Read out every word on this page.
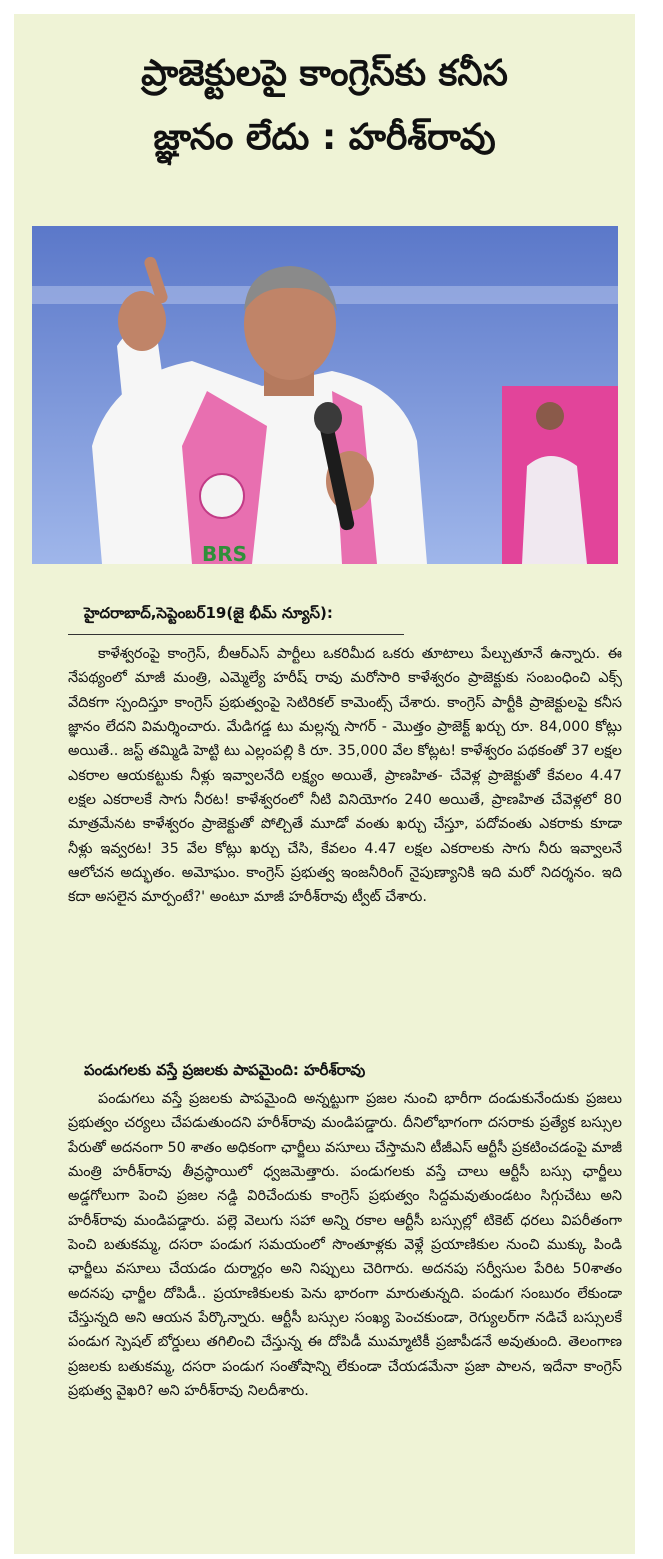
ప్రాజెక్టులపై కాంగ్రెస్‌కు కనీస
జ్ఞానం లేదు : హరీశ్‌రావు
BRS
హైదరాబాద్,సెప్టెంబర్19(జై భీమ్ న్యూస్):

కాళేశ్వరంపై కాంగ్రెస్, బీఆర్ఎస్ పార్టీలు ఒకరిమీద ఒకరు తూటాలు పేల్చుతూనే ఉన్నారు. ఈ నేపథ్యంలో మాజీ మంత్రి, ఎమ్మెల్యే హరీష్ రావు మరోసారి కాళేశ్వరం ప్రాజెక్టుకు సంబంధించి ఎక్స్ వేదికగా స్పందిస్తూ కాంగ్రెస్ ప్రభుత్వంపై సెటిరికల్ కామెంట్స్ చేశారు. కాంగ్రెస్ పార్టీకి ప్రాజెక్టులపై కనీస జ్ఞానం లేదని విమర్శించారు. మేడిగడ్డ టు మల్లన్న సాగర్ - మొత్తం ప్రాజెక్ట్ ఖర్చు రూ. 84,000 కోట్లు అయితే.. జస్ట్ తమ్మిడి హెట్టి టు ఎల్లంపల్లి కి రూ. 35,000 వేల కోట్లట! కాళేశ్వరం పథకంతో 37 లక్షల ఎకరాల ఆయకట్టుకు నీళ్లు ఇవ్వాలనేది లక్ష్యం అయితే, ప్రాణహిత- చేవెళ్ల ప్రాజెక్టుతో కేవలం 4.47 లక్షల ఎకరాలకే సాగు నీరట! కాళేశ్వరంలో నీటి వినియోగం 240 అయితే, ప్రాణహిత చేవెళ్లలో 80 మాత్రమేనట కాళేశ్వరం ప్రాజెక్టుతో పోల్చితే మూడో వంతు ఖర్చు చేస్తూ, పదోవంతు ఎకరాకు కూడా నీళ్లు ఇవ్వరట! 35 వేల కోట్లు ఖర్చు చేసి, కేవలం 4.47 లక్షల ఎకరాలకు సాగు నీరు ఇవ్వాలనే ఆలోచన అద్భుతం. అమోఘం. కాంగ్రెస్ ప్రభుత్వ ఇంజనీరింగ్ నైపుణ్యానికి ఇది మరో నిదర్శనం. ఇది కదా అసలైన మార్పంటే?' అంటూ మాజీ హరీశ్‌రావు ట్వీట్ చేశారు.

పండుగలకు వస్తే ప్రజలకు పాపమైంది: హరీశ్‌రావు

పండుగలు వస్తే ప్రజలకు పాపమైంది అన్నట్టుగా ప్రజల నుంచి భారీగా దండుకునేందుకు ప్రజలు ప్రభుత్వం చర్యలు చేపడుతుందని హరీశ్‌రావు మండిపడ్డారు. దీనిలోభాగంగా దసరాకు ప్రత్యేక బస్సుల పేరుతో అదనంగా 50 శాతం అధికంగా ఛార్జీలు వసూలు చేస్తామని టీజీఎస్ ఆర్టీసీ ప్రకటించడంపై మాజీ మంత్రి హరీశ్‌రావు తీవ్రస్థాయిలో ధ్వజమెత్తారు. పండుగలకు వస్తే చాలు ఆర్టీసీ బస్సు ఛార్జీలు అడ్డగోలుగా పెంచి ప్రజల నడ్డి విరిచేందుకు కాంగ్రెస్ ప్రభుత్వం సిద్దమవుతుండటం సిగ్గుచేటు అని హరీశ్‌రావు మండిపడ్డారు. పల్లె వెలుగు సహా అన్ని రకాల ఆర్టీసీ బస్సుల్లో టికెట్ ధరలు విపరీతంగా పెంచి బతుకమ్మ, దసరా పండుగ సమయంలో సొంతూళ్లకు వెళ్లే ప్రయాణికుల నుంచి ముక్కు పిండి ఛార్జీలు వసూలు చేయడం దుర్మార్గం అని నిప్పులు చెరిగారు. అదనపు సర్వీసుల పేరిట 50శాతం అదనపు ఛార్జీల దోపిడీ.. ప్రయాణికులకు పెను భారంగా మారుతున్నది. పండుగ సంబురం లేకుండా చేస్తున్నది అని ఆయన పేర్కొన్నారు. ఆర్టీసీ బస్సుల సంఖ్య పెంచకుండా, రెగ్యులర్‌గా నడిచే బస్సులకే పండుగ స్పెషల్ బోర్డులు తగిలించి చేస్తున్న ఈ దోపిడీ ముమ్మాటికీ ప్రజాపీడనే అవుతుంది. తెలంగాణ ప్రజలకు బతుకమ్మ, దసరా పండుగ సంతోషాన్ని లేకుండా చేయడమేనా ప్రజా పాలన, ఇదేనా కాంగ్రెస్ ప్రభుత్వ వైఖరి? అని హరీశ్‌రావు నిలదీశారు.
